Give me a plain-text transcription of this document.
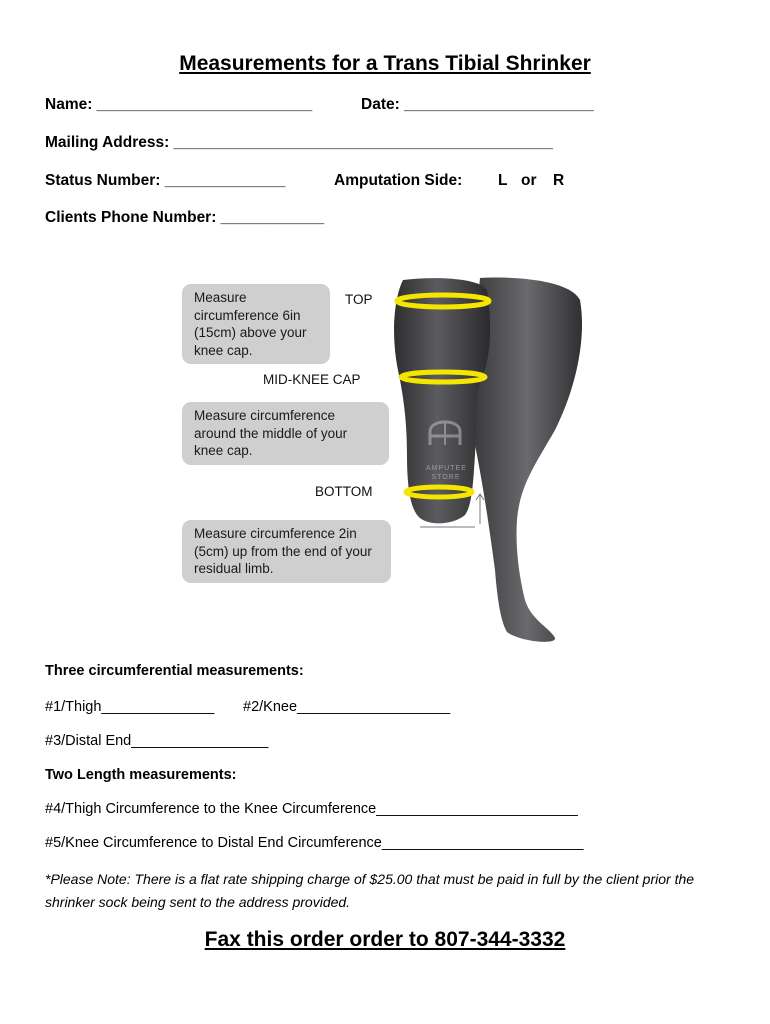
Measurements for a Trans Tibial Shrinker
Name: _________________________	Date: ______________________
Mailing Address: ____________________________________________
Status Number: ______________	Amputation Side: L or R
Clients Phone Number: ____________
TOP
MID-KNEE CAP
BOTTOM
Measure circumference 6in (15cm) above your knee cap.
Measure circumference around the middle of your knee cap.
Measure circumference 2in (5cm) up from the end of your residual limb.
AMPUTEE STORE
Three circumferential measurements:
#1/Thigh______________ #2/Knee___________________
#3/Distal End_________________
Two Length measurements:
#4/Thigh Circumference to the Knee Circumference_________________________
#5/Knee Circumference to Distal End Circumference_________________________
*Please Note: There is a flat rate shipping charge of $25.00 that must be paid in full by the client prior the shrinker sock being sent to the address provided.
Fax this order order to 807-344-3332
